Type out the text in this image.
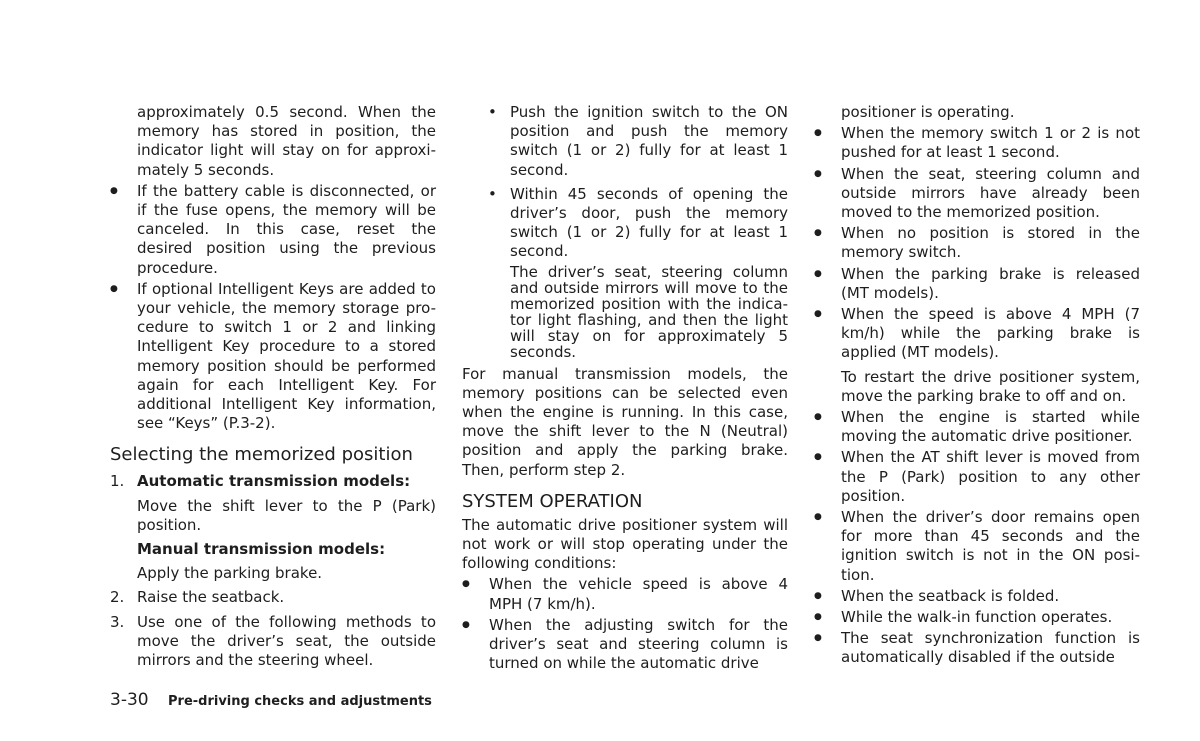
approximately 0.5 second. When the memory has stored in position, the indicator light will stay on for approxi-mately 5 seconds.

● If the battery cable is disconnected, or if the fuse opens, the memory will be canceled. In this case, reset the desired position using the previous procedure.

● If optional Intelligent Keys are added to your vehicle, the memory storage pro-cedure to switch 1 or 2 and linking Intelligent Key procedure to a stored memory position should be performed again for each Intelligent Key. For additional Intelligent Key information, see “Keys” (P.3-2).

Selecting the memorized position
1. Automatic transmission models:

Move the shift lever to the P (Park) position.

Manual transmission models:

Apply the parking brake.

2. Raise the seatback.

3. Use one of the following methods to move the driver’s seat, the outside mirrors and the steering wheel.

• Push the ignition switch to the ON position and push the memory switch (1 or 2) fully for at least 1 second.

• Within 45 seconds of opening the driver’s door, push the memory switch (1 or 2) fully for at least 1 second.

The driver’s seat, steering column and outside mirrors will move to the memorized position with the indica-tor light flashing, and then the light will stay on for approximately 5 seconds.

For manual transmission models, the memory positions can be selected even when the engine is running. In this case, move the shift lever to the N (Neutral) position and apply the parking brake. Then, perform step 2.

SYSTEM OPERATION

The automatic drive positioner system will not work or will stop operating under the following conditions:

● When the vehicle speed is above 4 MPH (7 km/h).

● When the adjusting switch for the driver’s seat and steering column is turned on while the automatic drive

positioner is operating.

● When the memory switch 1 or 2 is not pushed for at least 1 second.

● When the seat, steering column and outside mirrors have already been moved to the memorized position.

● When no position is stored in the memory switch.

● When the parking brake is released (MT models).

● When the speed is above 4 MPH (7 km/h) while the parking brake is applied (MT models).

To restart the drive positioner system, move the parking brake to off and on.

● When the engine is started while moving the automatic drive positioner.

● When the AT shift lever is moved from the P (Park) position to any other position.

● When the driver’s door remains open for more than 45 seconds and the ignition switch is not in the ON posi-tion.

● When the seatback is folded.

● While the walk-in function operates.

● The seat synchronization function is automatically disabled if the outside

3-30 Pre-driving checks and adjustments
